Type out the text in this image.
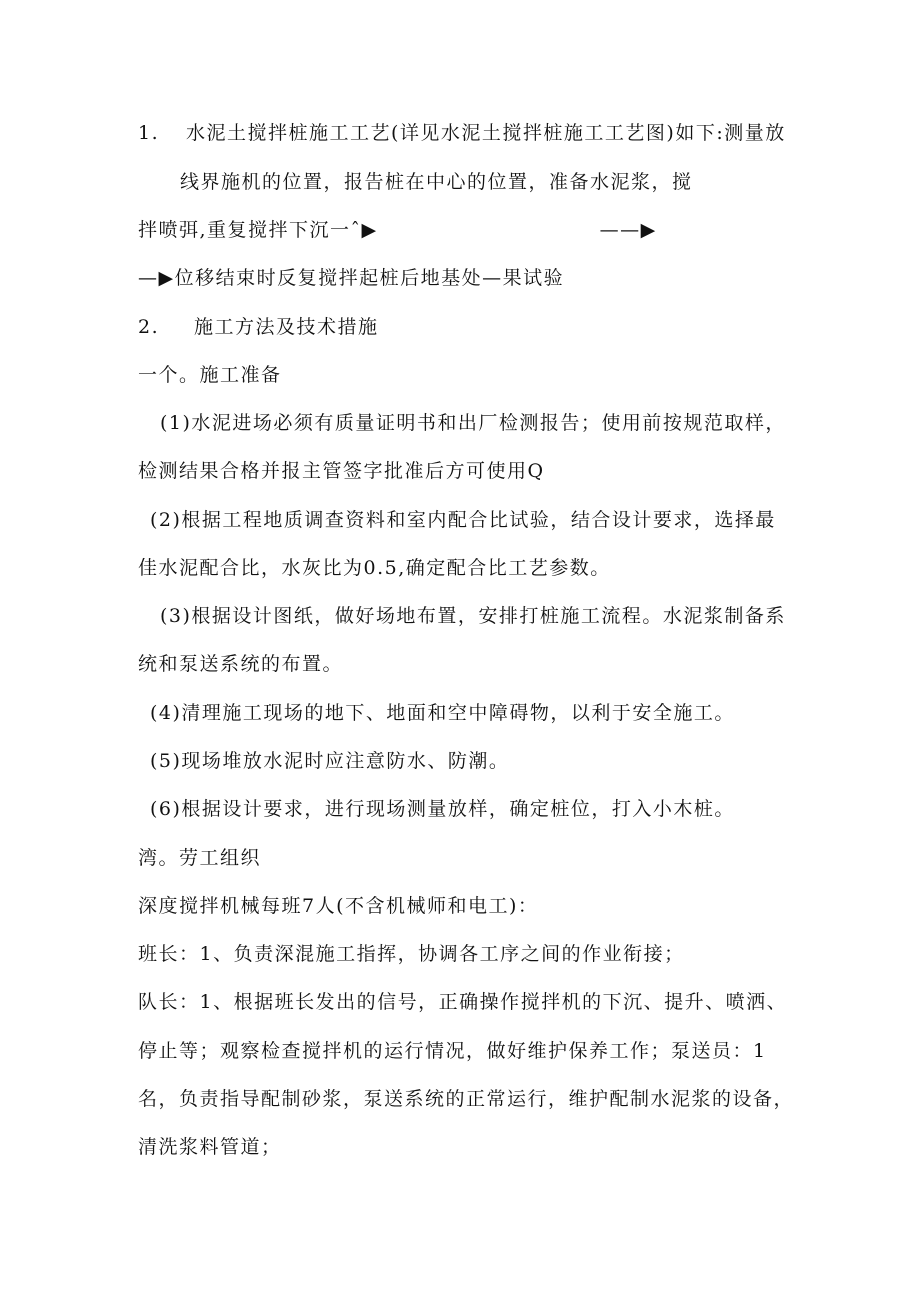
1. 水泥土搅拌桩施工工艺(详见水泥土搅拌桩施工工艺图)如下:测量放
线界施机的位置，报告桩在中心的位置，准备水泥浆，搅
拌喷弭,重复搅拌下沉一ˆ▶	——▶
—▶位移结束时反复搅拌起桩后地基处—果试验
2. 施工方法及技术措施
一个。施工准备
(1)水泥进场必须有质量证明书和出厂检测报告；使用前按规范取样，
检测结果合格并报主管签字批准后方可使用Q
(2)根据工程地质调查资料和室内配合比试验，结合设计要求，选择最
佳水泥配合比，水灰比为0.5,确定配合比工艺参数。
(3)根据设计图纸，做好场地布置，安排打桩施工流程。水泥浆制备系
统和泵送系统的布置。
(4)清理施工现场的地下、地面和空中障碍物，以利于安全施工。
(5)现场堆放水泥时应注意防水、防潮。
(6)根据设计要求，进行现场测量放样，确定桩位，打入小木桩。
湾。劳工组织
深度搅拌机械每班7人(不含机械师和电工)：
班长：1、负责深混施工指挥，协调各工序之间的作业衔接；
队长：1、根据班长发出的信号，正确操作搅拌机的下沉、提升、喷洒、
停止等；观察检查搅拌机的运行情况，做好维护保养工作；泵送员：1
名，负责指导配制砂浆，泵送系统的正常运行，维护配制水泥浆的设备，
清洗浆料管道；
